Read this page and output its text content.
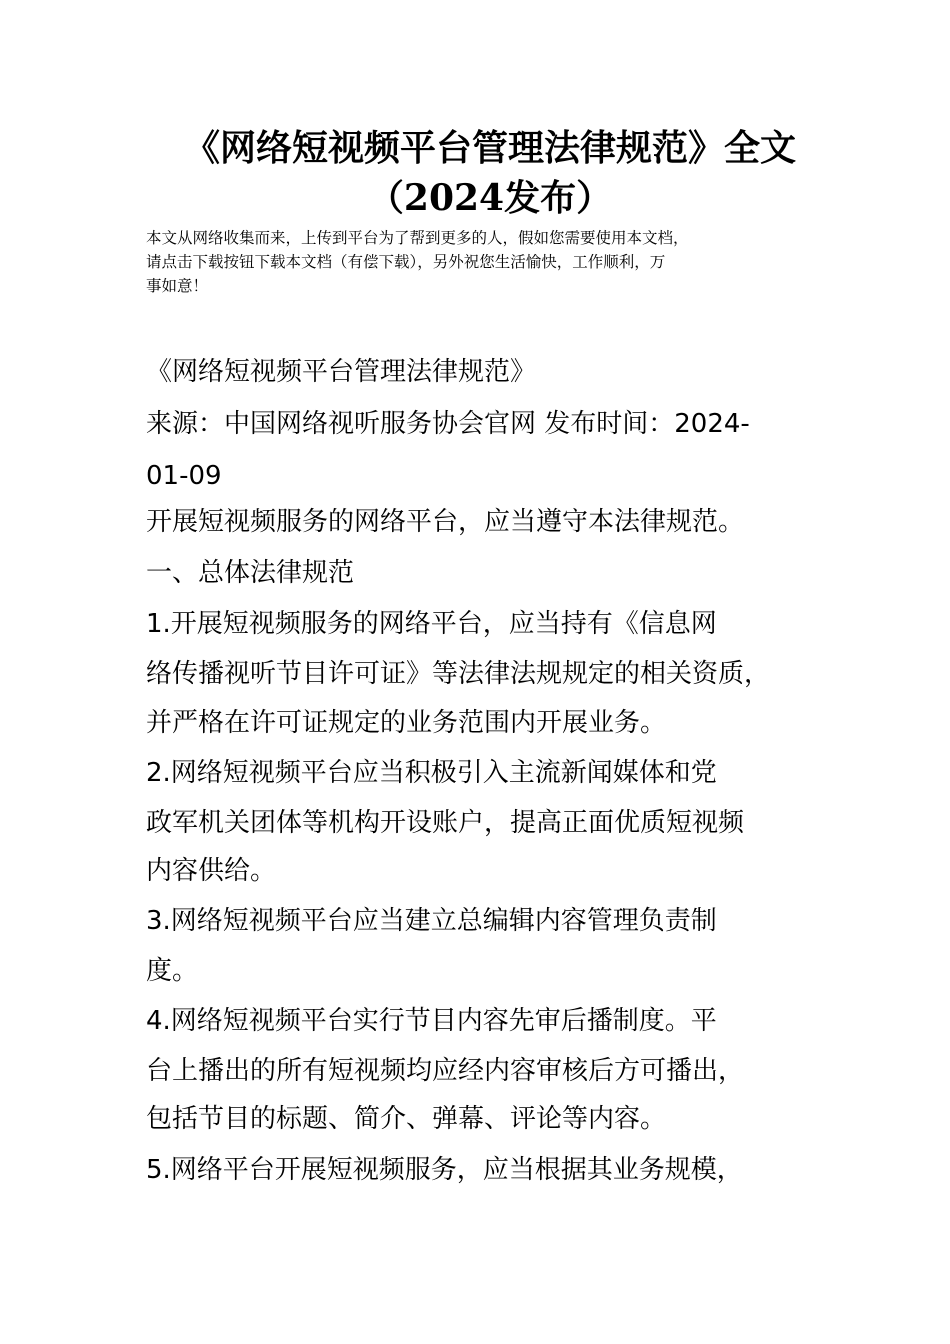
《网络短视频平台管理法律规范》全文
（2024发布）
本文从网络收集而来，上传到平台为了帮到更多的人，假如您需要使用本文档，
请点击下载按钮下载本文档（有偿下载），另外祝您生活愉快，工作顺利，万
事如意！
《网络短视频平台管理法律规范》
来源：中国网络视听服务协会官网 发布时间：2024-
01-09
开展短视频服务的网络平台，应当遵守本法律规范。
一、总体法律规范
1.开展短视频服务的网络平台，应当持有《信息网
络传播视听节目许可证》等法律法规规定的相关资质，
并严格在许可证规定的业务范围内开展业务。
2.网络短视频平台应当积极引入主流新闻媒体和党
政军机关团体等机构开设账户，提高正面优质短视频
内容供给。
3.网络短视频平台应当建立总编辑内容管理负责制
度。
4.网络短视频平台实行节目内容先审后播制度。平
台上播出的所有短视频均应经内容审核后方可播出，
包括节目的标题、简介、弹幕、评论等内容。
5.网络平台开展短视频服务，应当根据其业务规模，
